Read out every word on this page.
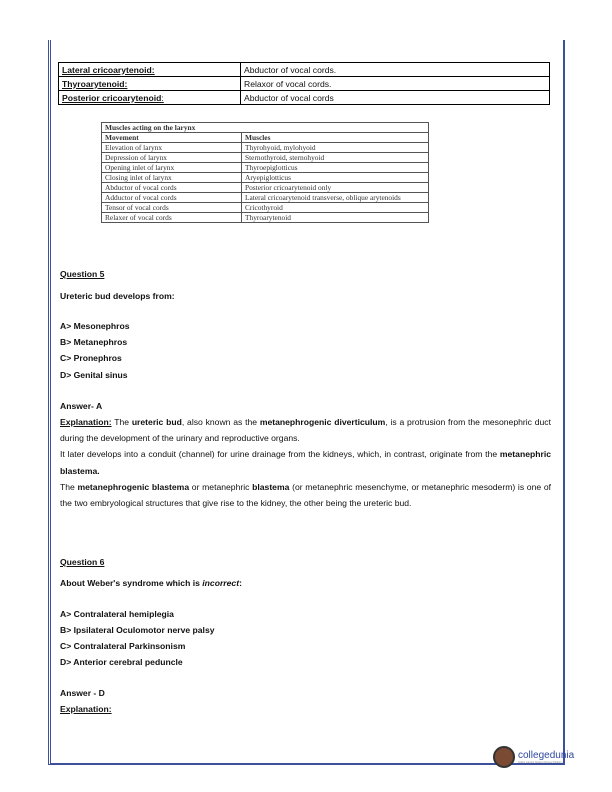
Lateral cricoarytenoid:	Abductor of vocal cords.
Thyroarytenoid:	Relaxor of vocal cords.
Posterior cricoarytenoid:	Abductor of vocal cords
Muscles acting on the larynx	
Movement	Muscles
Elevation of larynx	Thyrohyoid, mylohyoid
Depression of larynx	Sternothyroid, sternohyoid
Opening inlet of larynx	Thyroepiglotticus
Closing inlet of larynx	Aryepiglotticus
Abductor of vocal cords	Posterior cricoarytenoid only
Adductor of vocal cords	Lateral cricoarytenoid transverse, oblique arytenoids
Tensor of vocal cords	Cricothyroid
Relaxer of vocal cords	Thyroarytenoid
Question 5
Ureteric bud develops from:
A> Mesonephros
B> Metanephros
C> Pronephros
D> Genital sinus
Answer- A
Explanation: The ureteric bud, also known as the metanephrogenic diverticulum, is a protrusion from the mesonephric duct during the development of the urinary and reproductive organs.
It later develops into a conduit (channel) for urine drainage from the kidneys, which, in contrast, originate from the metanephric blastema.
The metanephrogenic blastema or metanephric blastema (or metanephric mesenchyme, or metanephric mesoderm) is one of the two embryological structures that give rise to the kidney, the other being the ureteric bud.
Question 6
About Weber's syndrome which is incorrect:
A> Contralateral hemiplegia
B> Ipsilateral Oculomotor nerve palsy
C> Contralateral Parkinsonism
D> Anterior cerebral peduncle
Answer - D
Explanation:
collegedunia
India's Largest Student Review Platform
